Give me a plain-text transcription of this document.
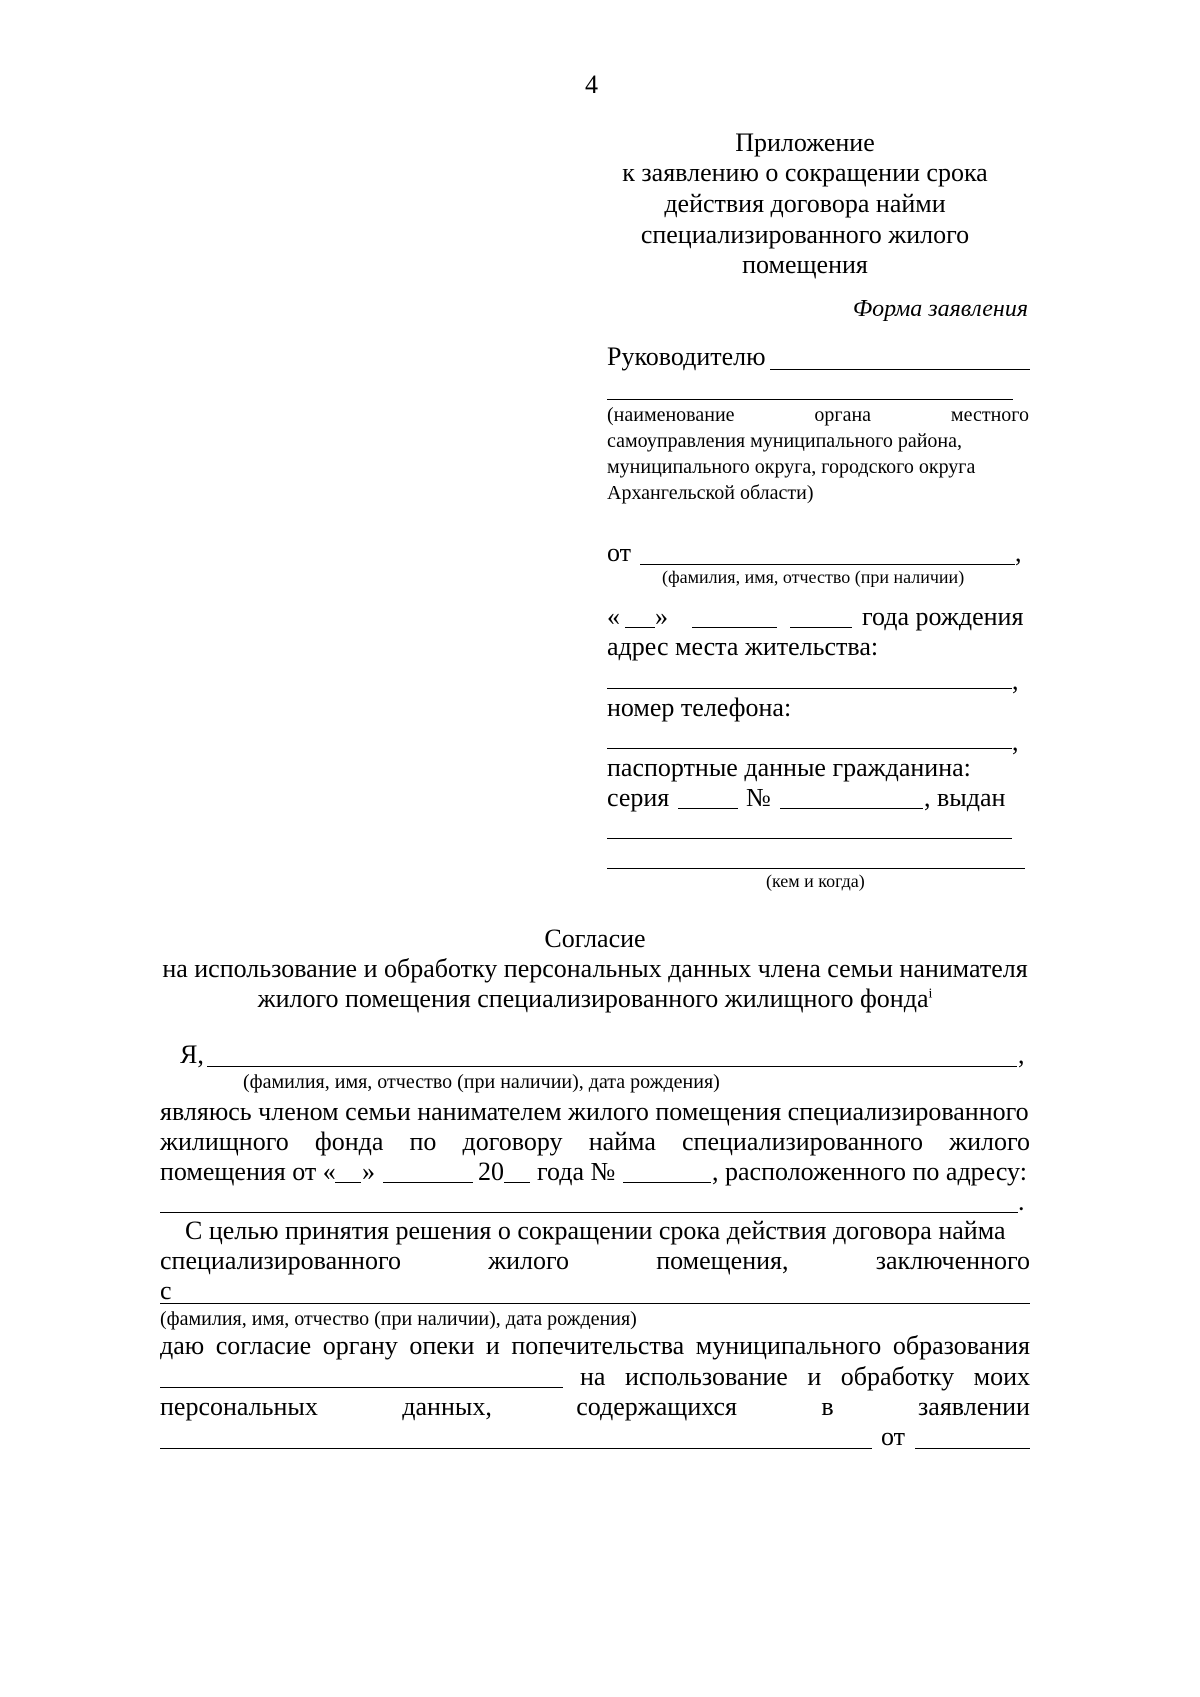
4
Приложение
к заявлению о сокращении срока
действия договора найми
специализированного жилого
помещения
Форма заявления
Руководителю
(наименование	органа	местного
самоуправления муниципального района,
муниципального округа, городского округа
Архангельской области)
от	,
(фамилия, имя, отчество (при наличии)
« »	года рождения
адрес места жительства:
,
номер телефона:
,
паспортные данные гражданина:
серия	№	, выдан
(кем и когда)
Согласие
на использование и обработку персональных данных члена семьи нанимателя
жилого помещения специализированного жилищного фонда$^i$
Я,	,
(фамилия, имя, отчество (при наличии), дата рождения)
являюсь членом семьи нанимателем жилого помещения специализированного
жилищного фонда по договору найма специализированного жилого
помещения от « »	20 года №	, расположенного по адресу:
.
С целью принятия решения о сокращении срока действия договора найма
специализированного	жилого	помещения,	заключенного
с
(фамилия, имя, отчество (при наличии), дата рождения)
даю согласие органу опеки и попечительства муниципального образования
на использование и обработку моих
персональных	данных,	содержащихся	в	заявлении
от
